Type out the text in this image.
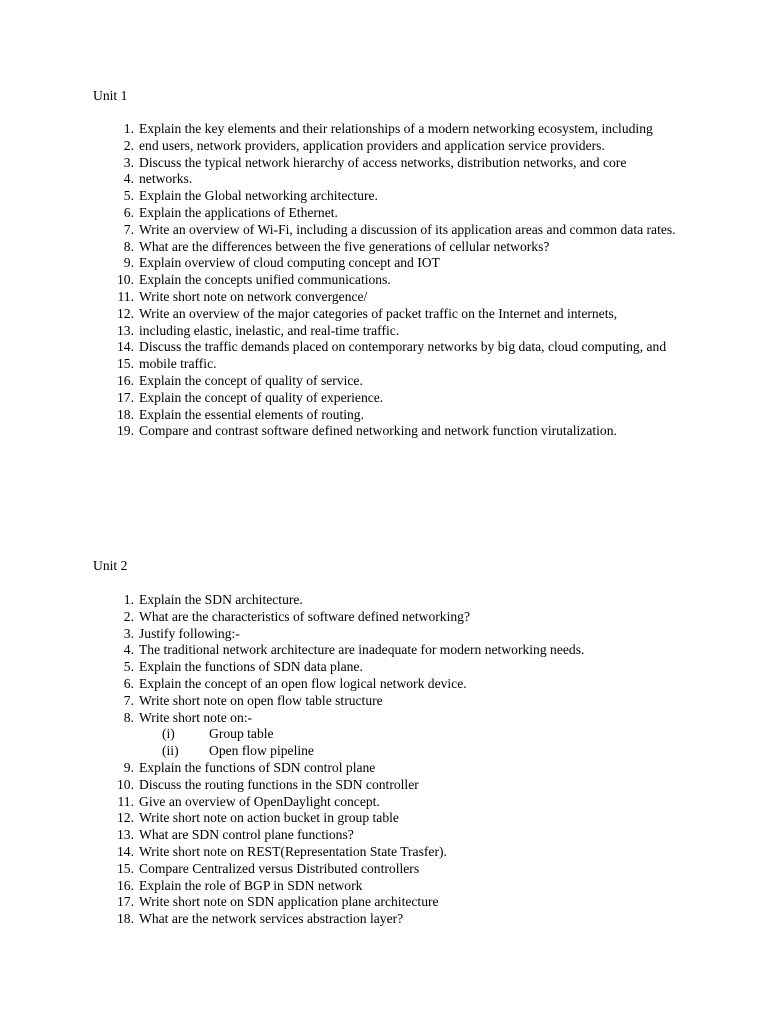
Unit 1
1. Explain the key elements and their relationships of a modern networking ecosystem, including
2. end users, network providers, application providers and application service providers.
3. Discuss the typical network hierarchy of access networks, distribution networks, and core
4. networks.
5. Explain the Global networking architecture.
6. Explain the applications of Ethernet.
7. Write an overview of Wi-Fi, including a discussion of its application areas and common data rates.
8. What are the differences between the five generations of cellular networks?
9. Explain overview of cloud computing concept and IOT
10. Explain the concepts unified communications.
11. Write short note on network convergence/
12. Write an overview of the major categories of packet traffic on the Internet and internets,
13. including elastic, inelastic, and real-time traffic.
14. Discuss the traffic demands placed on contemporary networks by big data, cloud computing, and
15. mobile traffic.
16. Explain the concept of quality of service.
17. Explain the concept of quality of experience.
18. Explain the essential elements of routing.
19. Compare and contrast software defined networking and network function virutalization.
Unit 2
1. Explain the SDN architecture.
2. What are the characteristics of software defined networking?
3. Justify following:-
4. The traditional network architecture are inadequate for modern networking needs.
5. Explain the functions of SDN data plane.
6. Explain the concept of an open flow logical network device.
7. Write short note on open flow table structure
8. Write short note on:-
(i)	Group table
(ii) Open flow pipeline
9. Explain the functions of SDN control plane
10. Discuss the routing functions in the SDN controller
11. Give an overview of OpenDaylight concept.
12. Write short note on action bucket in group table
13. What are SDN control plane functions?
14. Write short note on REST(Representation State Trasfer).
15. Compare Centralized versus Distributed controllers
16. Explain the role of BGP in SDN network
17. Write short note on SDN application plane architecture
18. What are the network services abstraction layer?
